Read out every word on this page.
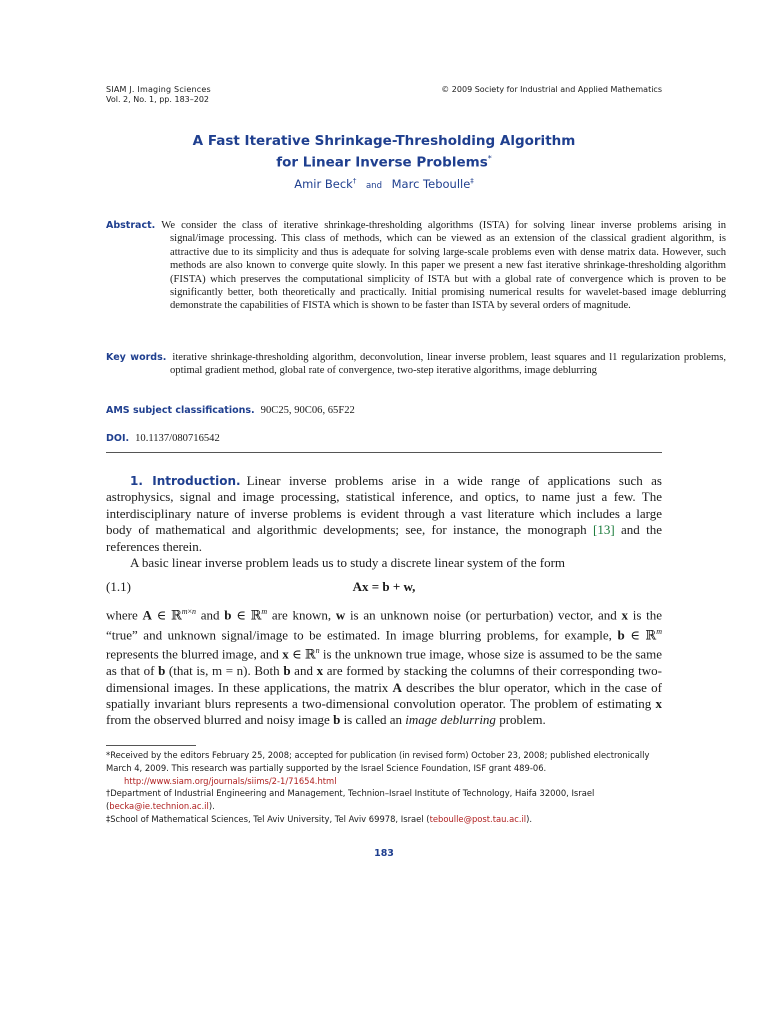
SIAM J. Imaging Sciences
Vol. 2, No. 1, pp. 183–202
© 2009 Society for Industrial and Applied Mathematics
A Fast Iterative Shrinkage-Thresholding Algorithm
for Linear Inverse Problems*
Amir Beck† and Marc Teboulle‡
Abstract. We consider the class of iterative shrinkage-thresholding algorithms (ISTA) for solving linear inverse problems arising in signal/image processing. This class of methods, which can be viewed as an extension of the classical gradient algorithm, is attractive due to its simplicity and thus is adequate for solving large-scale problems even with dense matrix data. However, such methods are also known to converge quite slowly. In this paper we present a new fast iterative shrinkage-thresholding algorithm (FISTA) which preserves the computational simplicity of ISTA but with a global rate of convergence which is proven to be significantly better, both theoretically and practically. Initial promising numerical results for wavelet-based image deblurring demonstrate the capabilities of FISTA which is shown to be faster than ISTA by several orders of magnitude.
Key words. iterative shrinkage-thresholding algorithm, deconvolution, linear inverse problem, least squares and l1 regularization problems, optimal gradient method, global rate of convergence, two-step iterative algorithms, image deblurring
AMS subject classifications. 90C25, 90C06, 65F22
DOI. 10.1137/080716542

1. Introduction. Linear inverse problems arise in a wide range of applications such as astrophysics, signal and image processing, statistical inference, and optics, to name just a few. The interdisciplinary nature of inverse problems is evident through a vast literature which includes a large body of mathematical and algorithmic developments; see, for instance, the monograph [13] and the references therein.

A basic linear inverse problem leads us to study a discrete linear system of the form

(1.1)	Ax = b + w,

where A ∈ ℝ$^{m\times n}$ and b ∈ ℝ$^m$ are known, w is an unknown noise (or perturbation) vector, and x is the “true” and unknown signal/image to be estimated. In image blurring problems, for example, b ∈ ℝ$^m$ represents the blurred image, and x ∈ ℝ$^n$ is the unknown true image, whose size is assumed to be the same as that of b (that is, m = n). Both b and x are formed by stacking the columns of their corresponding two-dimensional images. In these applications, the matrix A describes the blur operator, which in the case of spatially invariant blurs represents a two-dimensional convolution operator. The problem of estimating x from the observed blurred and noisy image b is called an image deblurring problem.

*Received by the editors February 25, 2008; accepted for publication (in revised form) October 23, 2008; published electronically March 4, 2009. This research was partially supported by the Israel Science Foundation, ISF grant 489-06.

http://www.siam.org/journals/siims/2-1/71654.html

†Department of Industrial Engineering and Management, Technion–Israel Institute of Technology, Haifa 32000, Israel (becka@ie.technion.ac.il).

‡School of Mathematical Sciences, Tel Aviv University, Tel Aviv 69978, Israel (teboulle@post.tau.ac.il).

183
